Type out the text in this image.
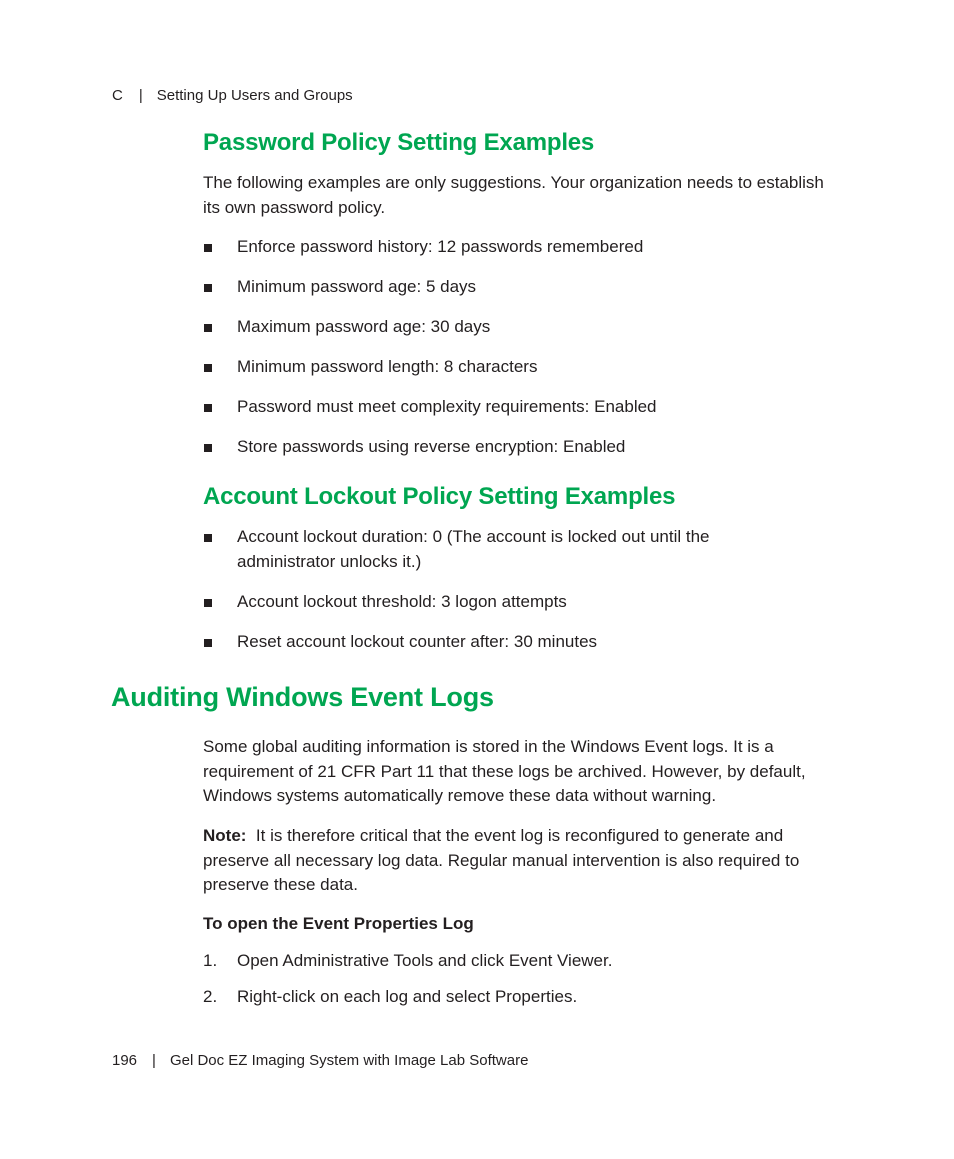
C | Setting Up Users and Groups
Password Policy Setting Examples

The following examples are only suggestions. Your organization needs to establish its own password policy.

Enforce password history: 12 passwords remembered
Minimum password age: 5 days
Maximum password age: 30 days
Minimum password length: 8 characters
Password must meet complexity requirements: Enabled
Store passwords using reverse encryption: Enabled
Account Lockout Policy Setting Examples
Account lockout duration: 0 (The account is locked out until the administrator unlocks it.)
Account lockout threshold: 3 logon attempts
Reset account lockout counter after: 30 minutes
Auditing Windows Event Logs

Some global auditing information is stored in the Windows Event logs. It is a requirement of 21 CFR Part 11 that these logs be archived. However, by default, Windows systems automatically remove these data without warning.

Note: It is therefore critical that the event log is reconfigured to generate and preserve all necessary log data. Regular manual intervention is also required to preserve these data.

To open the Event Properties Log
1. Open Administrative Tools and click Event Viewer.
2. Right-click on each log and select Properties.
196 | Gel Doc EZ Imaging System with Image Lab Software
